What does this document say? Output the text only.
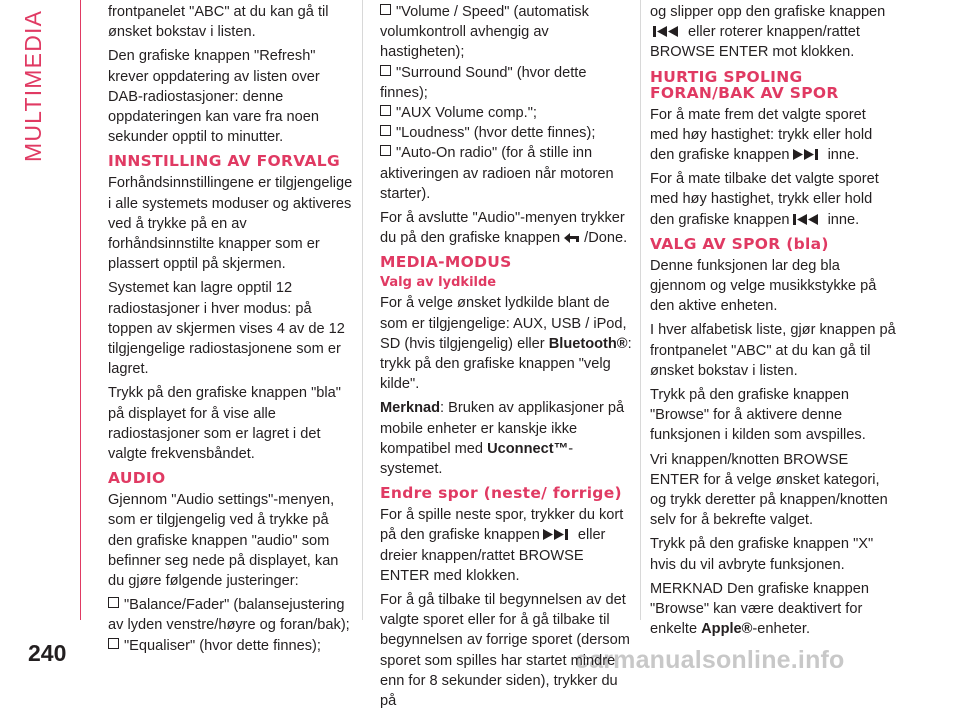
MULTIMEDIA
240	carmanualsonline.info

frontpanelet "ABC" at du kan gå til ønsket bokstav i listen.

Den grafiske knappen "Refresh" krever oppdatering av listen over DAB-radiostasjoner: denne oppdateringen kan vare fra noen sekunder opptil to minutter.

INNSTILLING AV FORVALG

Forhåndsinnstillingene er tilgjengelige i alle systemets moduser og aktiveres ved å trykke på en av forhåndsinnstilte knapper som er plassert opptil på skjermen.

Systemet kan lagre opptil 12 radiostasjoner i hver modus: på toppen av skjermen vises 4 av de 12 tilgjengelige radiostasjonene som er lagret.

Trykk på den grafiske knappen "bla" på displayet for å vise alle radiostasjoner som er lagret i det valgte frekvensbåndet.

AUDIO

Gjennom "Audio settings"-menyen, som er tilgjengelig ved å trykke på den grafiske knappen "audio" som befinner seg nede på displayet, kan du gjøre følgende justeringer:

"Balance/Fader" (balansejustering av lyden venstre/høyre og foran/bak);

"Equaliser" (hvor dette finnes);

"Volume / Speed" (automatisk volumkontroll avhengig av hastigheten);

"Surround Sound" (hvor dette finnes);

"AUX Volume comp.";

"Loudness" (hvor dette finnes);

"Auto-On radio" (for å stille inn aktiveringen av radioen når motoren starter).

For å avslutte "Audio"-menyen trykker du på den grafiske knappen /Done.

MEDIA-MODUS
Valg av lydkilde

For å velge ønsket lydkilde blant de som er tilgjengelige: AUX, USB / iPod, SD (hvis tilgjengelig) eller Bluetooth®: trykk på den grafiske knappen "velg kilde".

Merknad: Bruken av applikasjoner på mobile enheter er kanskje ikke kompatibel med Uconnect™-systemet.

Endre spor (neste/ forrige)

For å spille neste spor, trykker du kort på den grafiske knappen	eller dreier knappen/rattet BROWSE ENTER med klokken.

For å gå tilbake til begynnelsen av det valgte sporet eller for å gå tilbake til begynnelsen av forrige sporet (dersom sporet som spilles har startet mindre enn for 8 sekunder siden), trykker du på

og slipper opp den grafiske knappen eller roterer knappen/rattet BROWSE ENTER mot klokken.

HURTIG SPOLING FORAN/BAK AV SPOR

For å mate frem det valgte sporet med høy hastighet: trykk eller hold den grafiske knappen	inne.

For å mate tilbake det valgte sporet med høy hastighet, trykk eller hold den grafiske knappen	inne.

VALG AV SPOR (bla)

Denne funksjonen lar deg bla gjennom og velge musikkstykke på den aktive enheten.

I hver alfabetisk liste, gjør knappen på frontpanelet "ABC" at du kan gå til ønsket bokstav i listen.

Trykk på den grafiske knappen "Browse" for å aktivere denne funksjonen i kilden som avspilles.

Vri knappen/knotten BROWSE ENTER for å velge ønsket kategori, og trykk deretter på knappen/knotten selv for å bekrefte valget.

Trykk på den grafiske knappen "X" hvis du vil avbryte funksjonen.

MERKNAD Den grafiske knappen "Browse" kan være deaktivert for enkelte Apple®-enheter.
